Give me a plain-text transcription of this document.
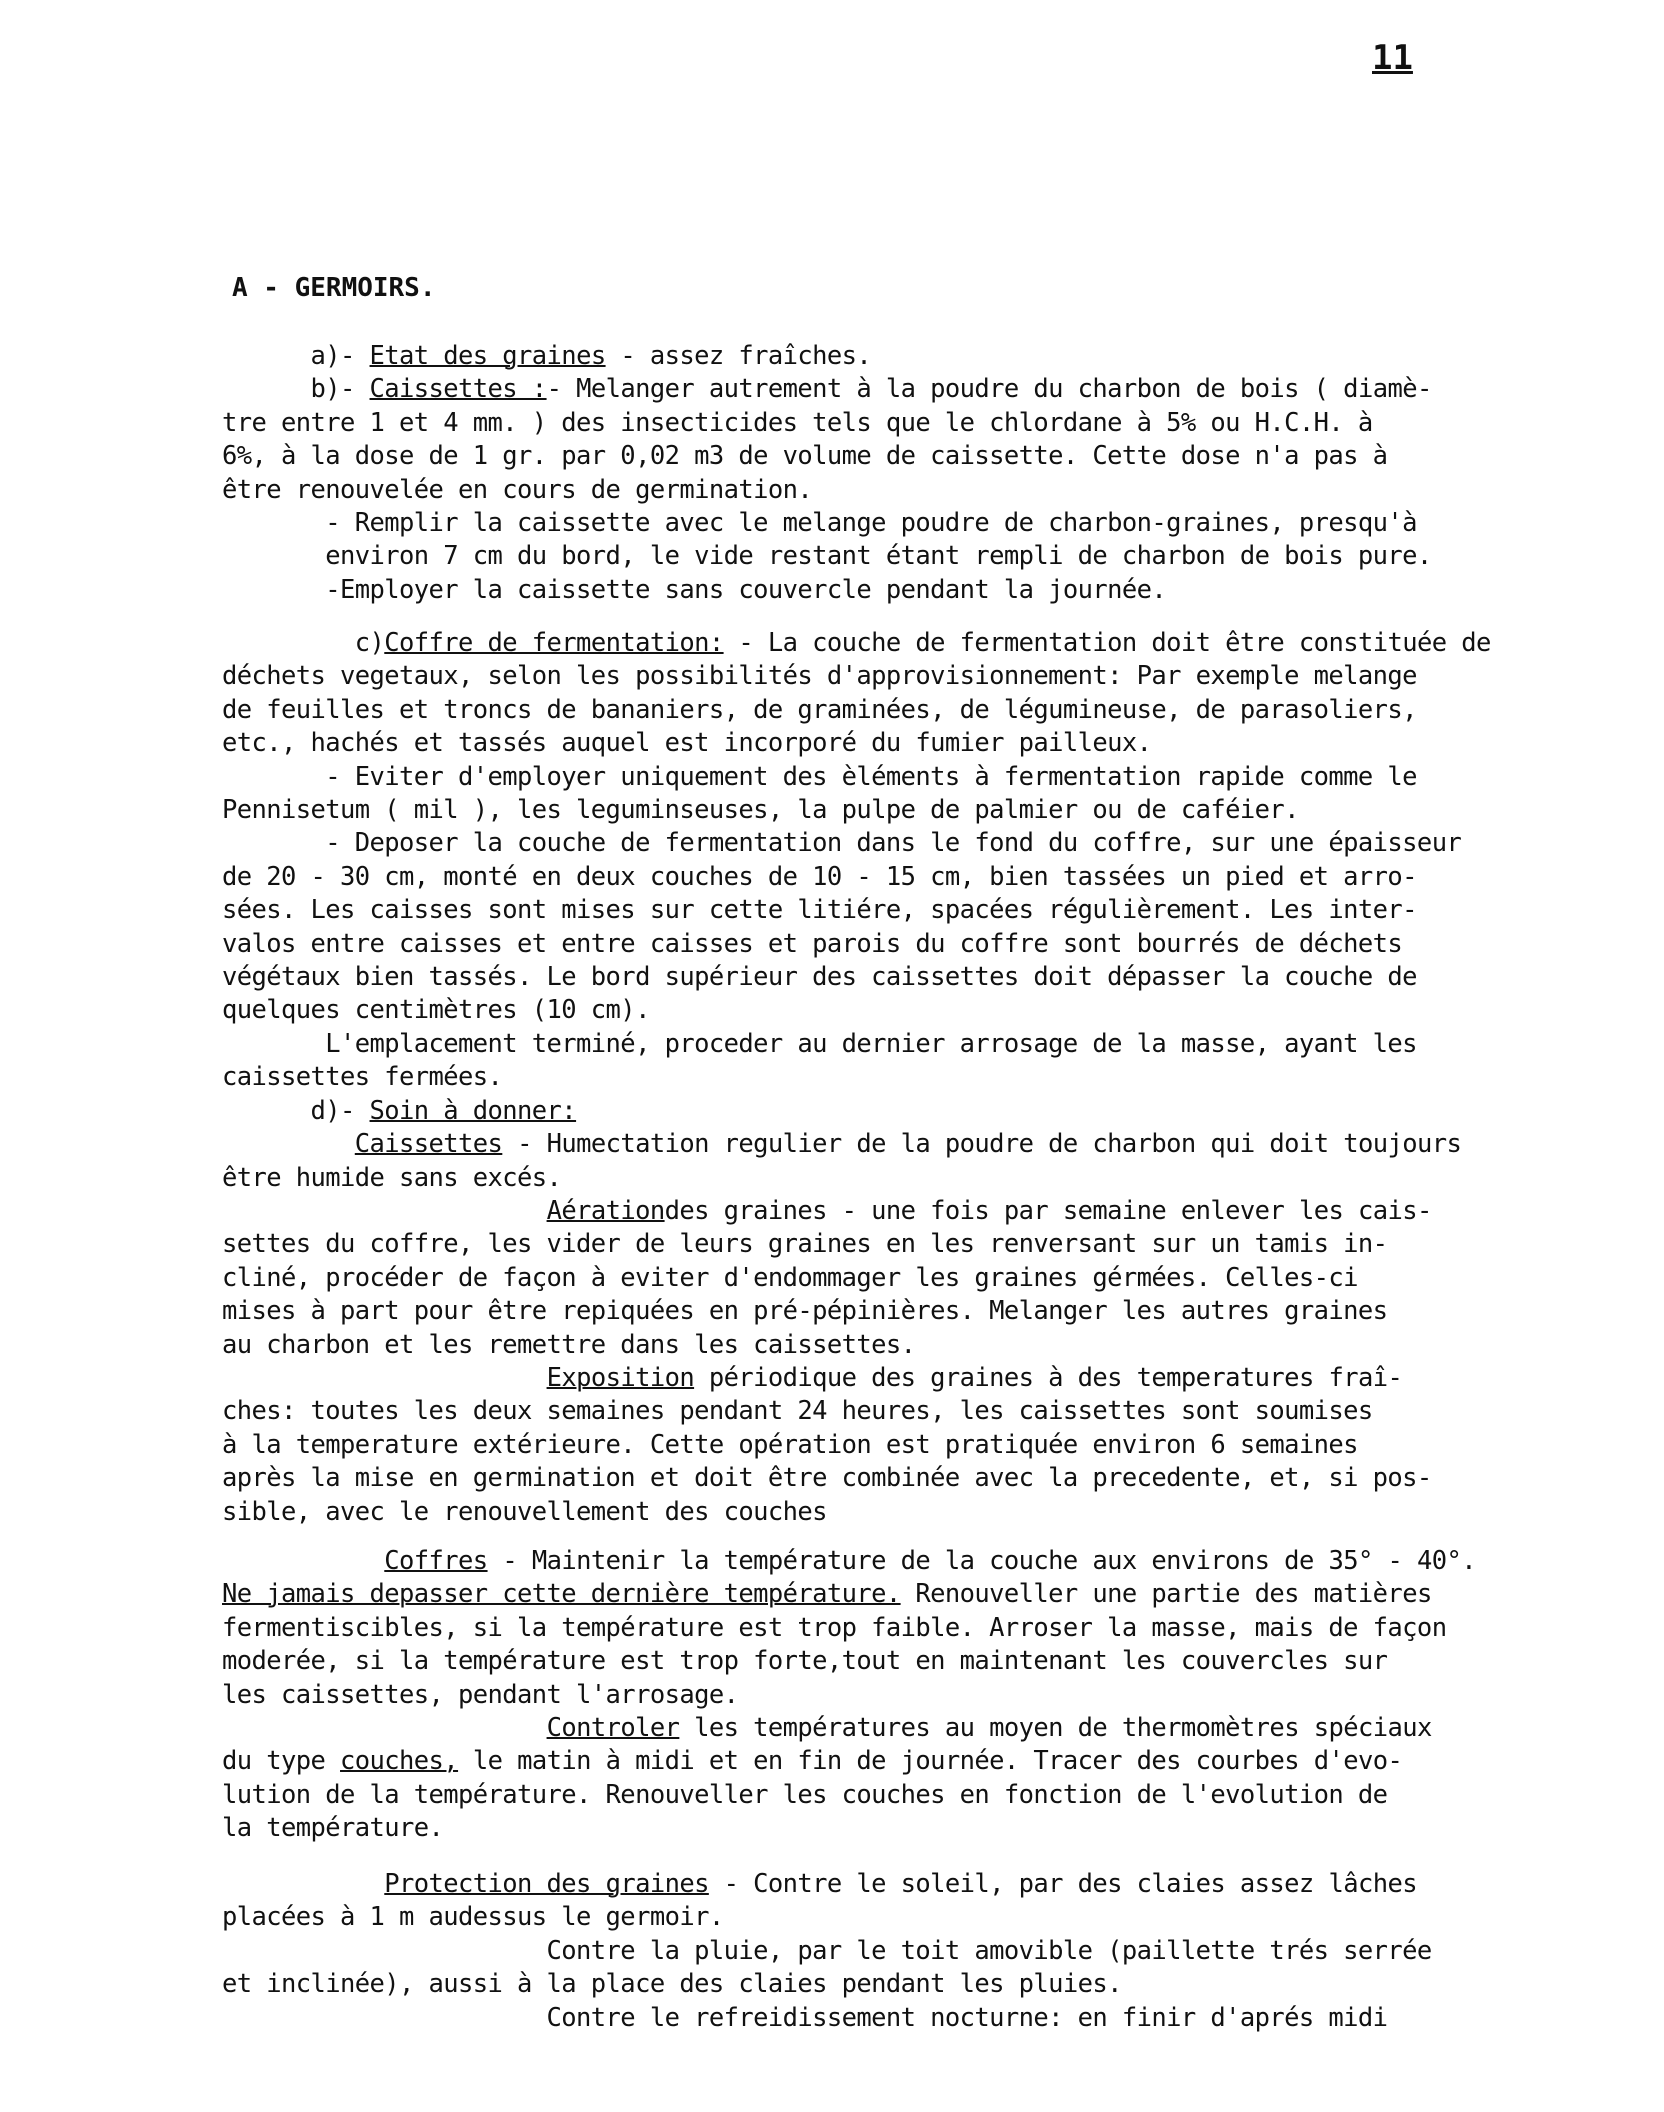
11
A - GERMOIRS.
a)- Etat des graines - assez fraîches.
b)- Caissettes :- Melanger autrement à la poudre du charbon de bois ( diamè-
tre entre 1 et 4 mm. ) des insecticides tels que le chlordane à 5% ou H.C.H. à
6%, à la dose de 1 gr. par 0,02 m3 de volume de caissette. Cette dose n'a pas à
être renouvelée en cours de germination.
- Remplir la caissette avec le melange poudre de charbon-graines, presqu'à
environ 7 cm du bord, le vide restant étant rempli de charbon de bois pure.
-Employer la caissette sans couvercle pendant la journée.
c)Coffre de fermentation: - La couche de fermentation doit être constituée de
déchets vegetaux, selon les possibilités d'approvisionnement: Par exemple melange
de feuilles et troncs de bananiers, de graminées, de légumineuse, de parasoliers,
etc., hachés et tassés auquel est incorporé du fumier pailleux.
- Eviter d'employer uniquement des èléments à fermentation rapide comme le
Pennisetum ( mil ), les leguminseuses, la pulpe de palmier ou de caféier.
- Deposer la couche de fermentation dans le fond du coffre, sur une épaisseur
de 20 - 30 cm, monté en deux couches de 10 - 15 cm, bien tassées un pied et arro-
sées. Les caisses sont mises sur cette litiére, spacées régulièrement. Les inter-
valos entre caisses et entre caisses et parois du coffre sont bourrés de déchets
végétaux bien tassés. Le bord supérieur des caissettes doit dépasser la couche de
quelques centimètres (10 cm).
L'emplacement terminé, proceder au dernier arrosage de la masse, ayant les
caissettes fermées.
d)- Soin à donner:
Caissettes - Humectation regulier de la poudre de charbon qui doit toujours
être humide sans excés.
Aérationdes graines - une fois par semaine enlever les cais-
settes du coffre, les vider de leurs graines en les renversant sur un tamis in-
cliné, procéder de façon à eviter d'endommager les graines gérmées. Celles-ci
mises à part pour être repiquées en pré-pépinières. Melanger les autres graines
au charbon et les remettre dans les caissettes.
Exposition périodique des graines à des temperatures fraî-
ches: toutes les deux semaines pendant 24 heures, les caissettes sont soumises
à la temperature extérieure. Cette opération est pratiquée environ 6 semaines
après la mise en germination et doit être combinée avec la precedente, et, si pos-
sible, avec le renouvellement des couches
Coffres - Maintenir la température de la couche aux environs de 35° - 40°.
Ne jamais depasser cette dernière température. Renouveller une partie des matières
fermentiscibles, si la température est trop faible. Arroser la masse, mais de façon
moderée, si la température est trop forte,tout en maintenant les couvercles sur
les caissettes, pendant l'arrosage.
Controler les températures au moyen de thermomètres spéciaux
du type couches, le matin à midi et en fin de journée. Tracer des courbes d'evo-
lution de la température. Renouveller les couches en fonction de l'evolution de
la température.
Protection des graines - Contre le soleil, par des claies assez lâches
placées à 1 m audessus le germoir.
Contre la pluie, par le toit amovible (paillette trés serrée
et inclinée), aussi à la place des claies pendant les pluies.
Contre le refreidissement nocturne: en finir d'aprés midi
